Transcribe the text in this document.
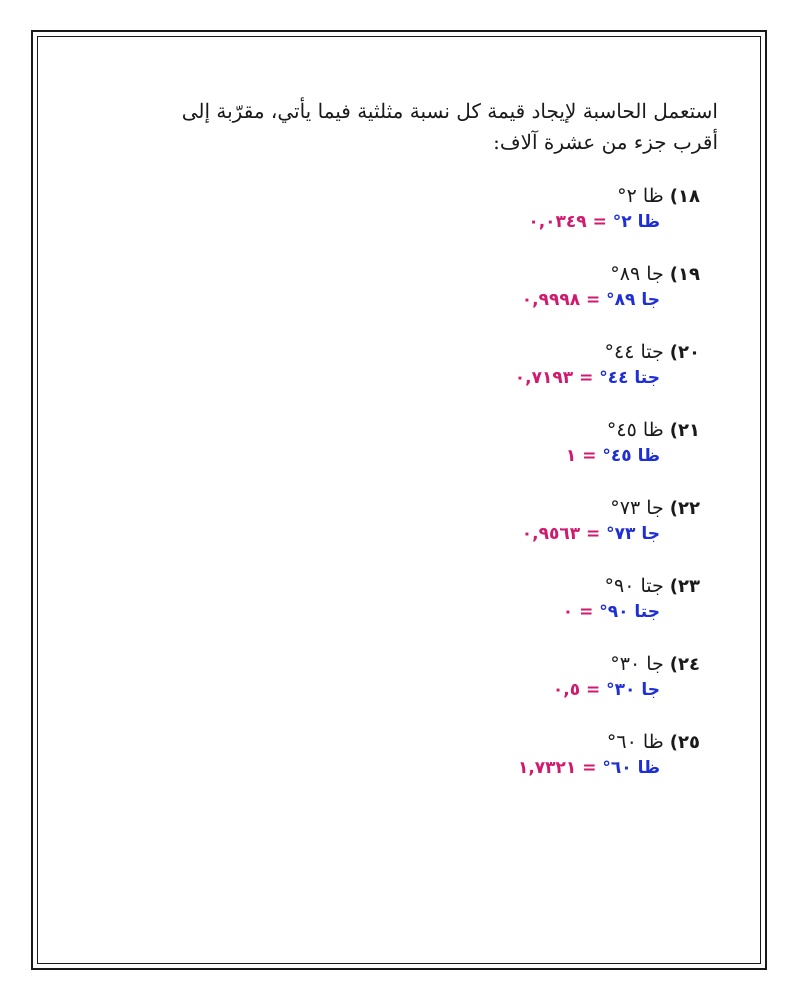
استعمل الحاسبة لإيجاد قيمة كل نسبة مثلثية فيما يأتي، مقرّبة إلى
أقرب جزء من عشرة آلاف:
١٨) ظا ٢°
ظا ٢° = ٠,٠٣٤٩
١٩) جا ٨٩°
جا ٨٩° = ٠,٩٩٩٨
٢٠) جتا ٤٤°
جتا ٤٤° = ٠,٧١٩٣
٢١) ظا ٤٥°
ظا ٤٥° = ١
٢٢) جا ٧٣°
جا ٧٣° = ٠,٩٥٦٣
٢٣) جتا ٩٠°
جتا ٩٠° = ٠
٢٤) جا ٣٠°
جا ٣٠° = ٠,٥
٢٥) ظا ٦٠°
ظا ٦٠° = ١,٧٣٢١
